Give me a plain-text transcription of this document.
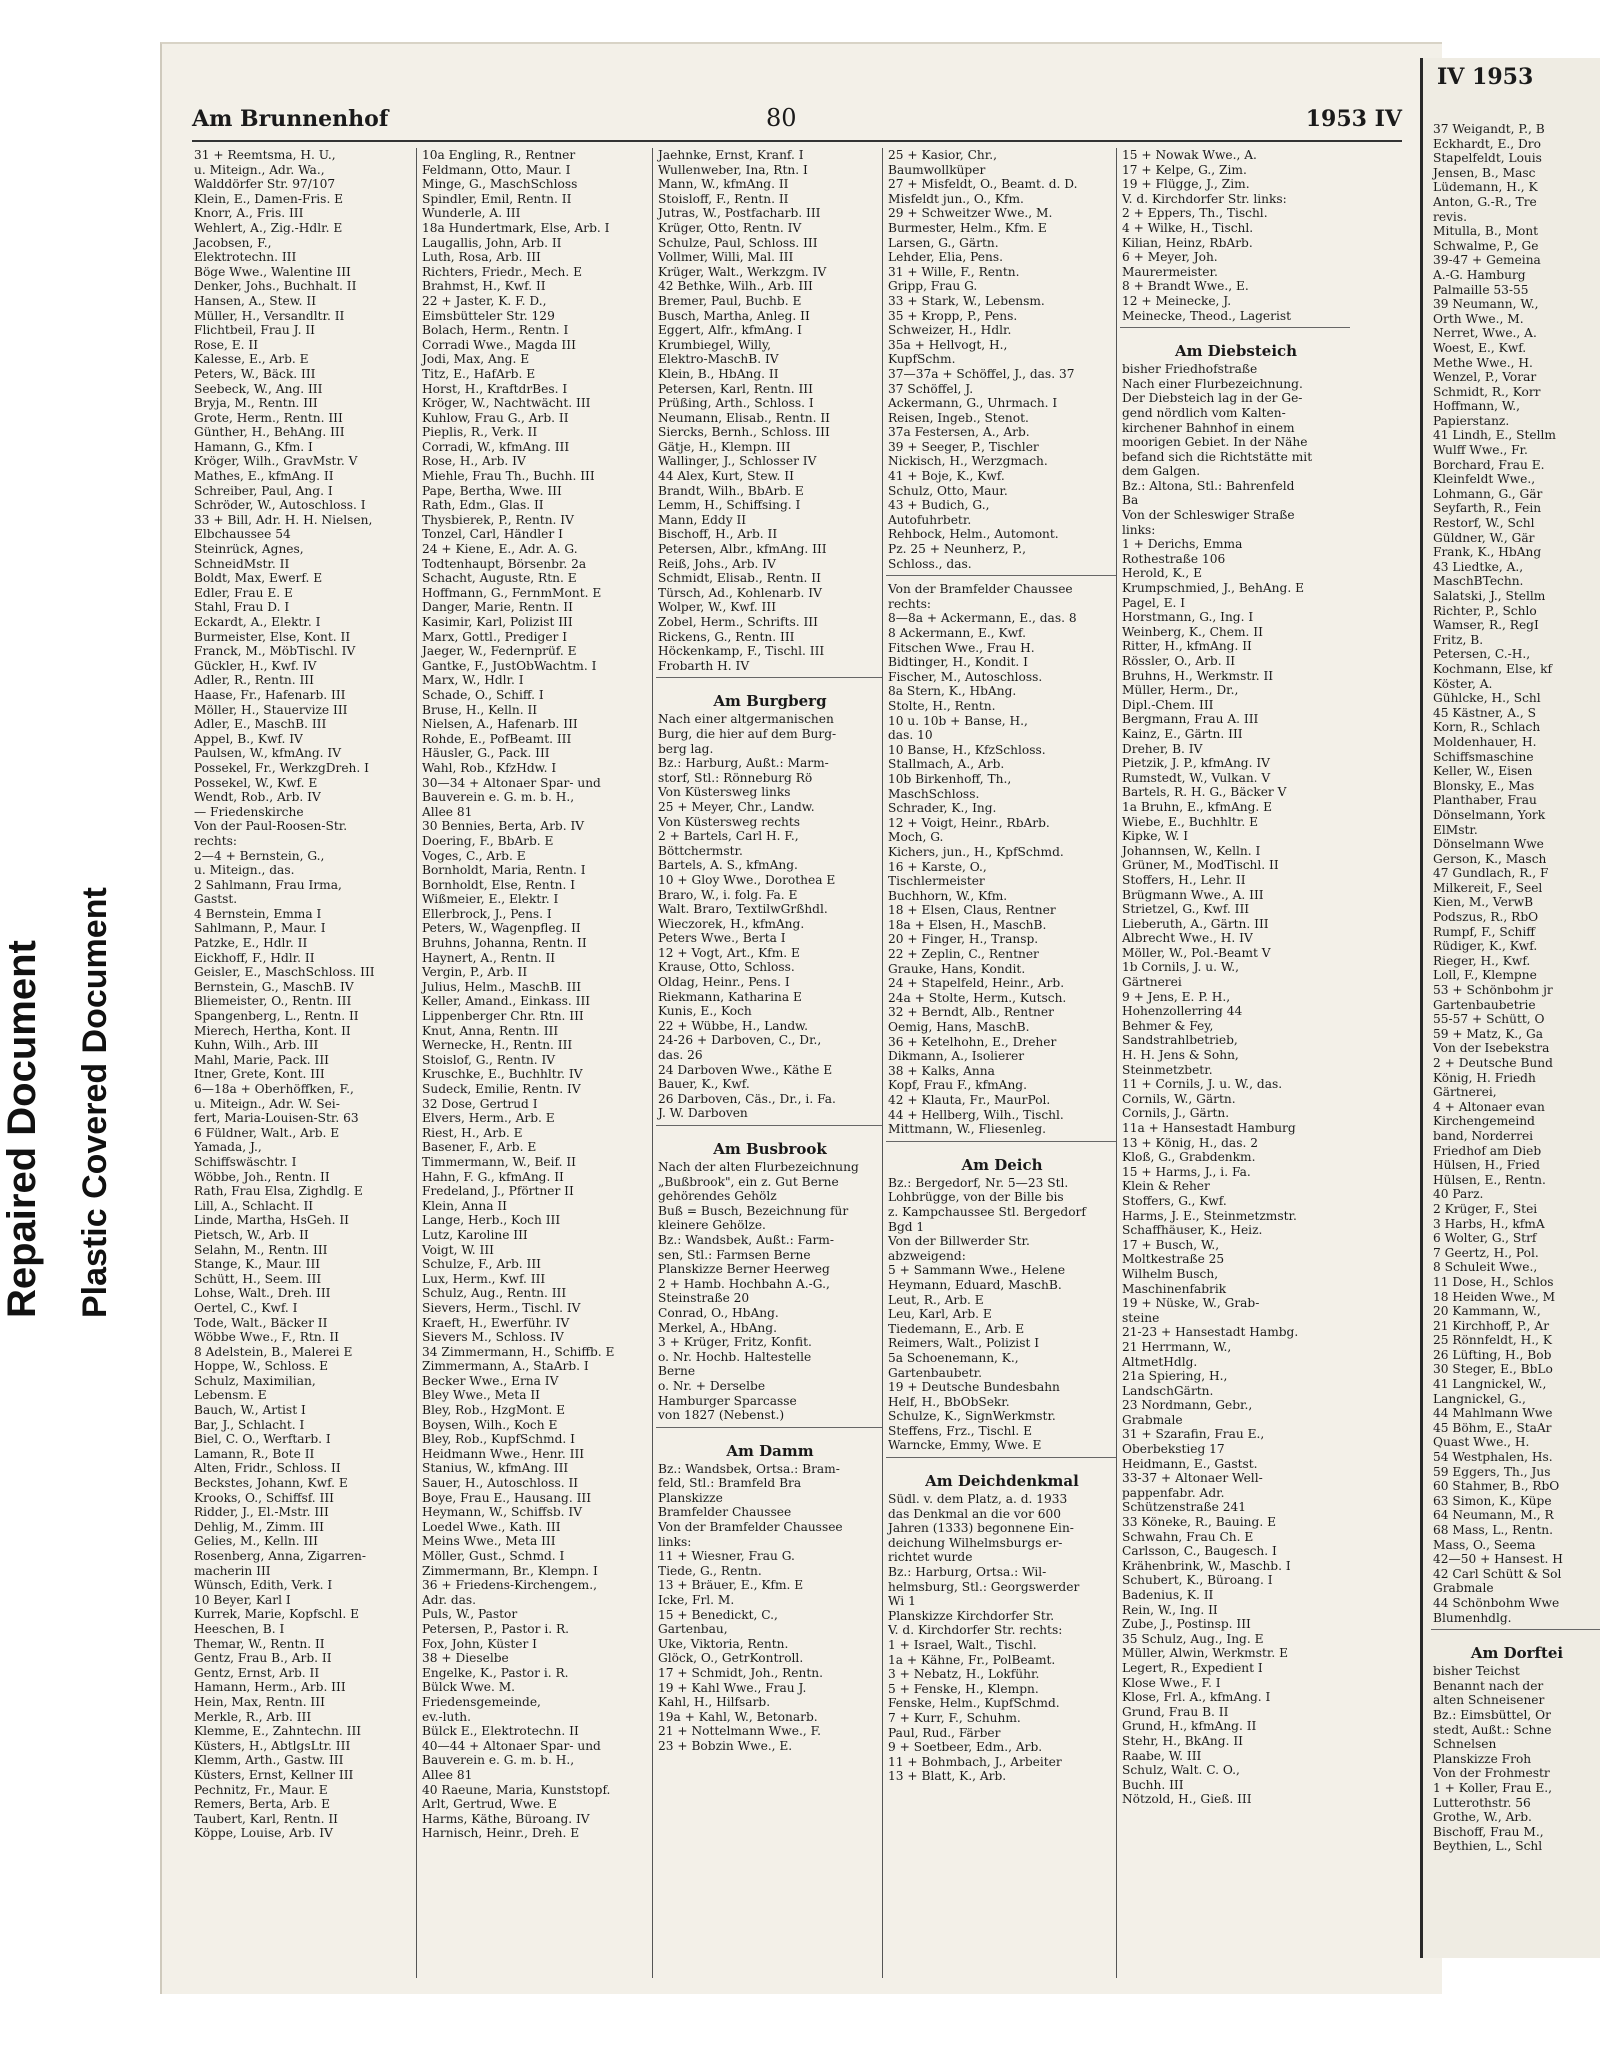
Repaired Document Plastic Covered Document
Am Brunnenhof	80	1953 IV
31 + Reemtsma, H. U.,
u. Miteign., Adr. Wa.,
Walddörfer Str. 97/107
Klein, E., Damen-Fris. E
Knorr, A., Fris. III
Wehlert, A., Zig.-Hdlr. E
Jacobsen, F.,
Elektrotechn. III
Böge Wwe., Walentine III
Denker, Johs., Buchhalt. II
Hansen, A., Stew. II
Müller, H., Versandltr. II
Flichtbeil, Frau J. II
Rose, E. II
Kalesse, E., Arb. E
Peters, W., Bäck. III
Seebeck, W., Ang. III
Bryja, M., Rentn. III
Grote, Herm., Rentn. III
Günther, H., BehAng. III
Hamann, G., Kfm. I
Kröger, Wilh., GravMstr. V
Mathes, E., kfmAng. II
Schreiber, Paul, Ang. I
Schröder, W., Autoschloss. I
33 + Bill, Adr. H. H. Nielsen,
Elbchaussee 54
Steinrück, Agnes,
SchneidMstr. II
Boldt, Max, Ewerf. E
Edler, Frau E. E
Stahl, Frau D. I
Eckardt, A., Elektr. I
Burmeister, Else, Kont. II
Franck, M., MöbTischl. IV
Gückler, H., Kwf. IV
Adler, R., Rentn. III
Haase, Fr., Hafenarb. III
Möller, H., Stauervize III
Adler, E., MaschB. III
Appel, B., Kwf. IV
Paulsen, W., kfmAng. IV
Possekel, Fr., WerkzgDreh. I
Possekel, W., Kwf. E
Wendt, Rob., Arb. IV
— Friedenskirche
Von der Paul-Roosen-Str.
rechts:
2—4 + Bernstein, G.,
u. Miteign., das.
2 Sahlmann, Frau Irma,
Gastst.
4 Bernstein, Emma I
Sahlmann, P., Maur. I
Patzke, E., Hdlr. II
Eickhoff, F., Hdlr. II
Geisler, E., MaschSchloss. III
Bernstein, G., MaschB. IV
Bliemeister, O., Rentn. III
Spangenberg, L., Rentn. II
Mierech, Hertha, Kont. II
Kuhn, Wilh., Arb. III
Mahl, Marie, Pack. III
Itner, Grete, Kont. III
6—18a + Oberhöffken, F.,
u. Miteign., Adr. W. Sei-
fert, Maria-Louisen-Str. 63
6 Füldner, Walt., Arb. E
Yamada, J.,
Schiffswäschtr. I
Wöbbe, Joh., Rentn. II
Rath, Frau Elsa, Zighdlg. E
Lill, A., Schlacht. II
Linde, Martha, HsGeh. II
Pietsch, W., Arb. II
Selahn, M., Rentn. III
Stange, K., Maur. III
Schütt, H., Seem. III
Lohse, Walt., Dreh. III
Oertel, C., Kwf. I
Tode, Walt., Bäcker II
Wöbbe Wwe., F., Rtn. II
8 Adelstein, B., Malerei E
Hoppe, W., Schloss. E
Schulz, Maximilian,
Lebensm. E
Bauch, W., Artist I
Bar, J., Schlacht. I
Biel, C. O., Werftarb. I
Lamann, R., Bote II
Alten, Fridr., Schloss. II
Beckstes, Johann, Kwf. E
Krooks, O., Schiffsf. III
Ridder, J., El.-Mstr. III
Dehlig, M., Zimm. III
Gelies, M., Kelln. III
Rosenberg, Anna, Zigarren-
macherin III
Wünsch, Edith, Verk. I
10 Beyer, Karl I
Kurrek, Marie, Kopfschl. E
Heeschen, B. I
Themar, W., Rentn. II
Gentz, Frau B., Arb. II
Gentz, Ernst, Arb. II
Hamann, Herm., Arb. III
Hein, Max, Rentn. III
Merkle, R., Arb. III
Klemme, E., Zahntechn. III
Küsters, H., AbtlgsLtr. III
Klemm, Arth., Gastw. III
Küsters, Ernst, Kellner III
Pechnitz, Fr., Maur. E
Remers, Berta, Arb. E
Taubert, Karl, Rentn. II
Köppe, Louise, Arb. IV
10a Engling, R., Rentner
Feldmann, Otto, Maur. I
Minge, G., MaschSchloss
Spindler, Emil, Rentn. II
Wunderle, A. III
18a Hundertmark, Else, Arb. I
Laugallis, John, Arb. II
Luth, Rosa, Arb. III
Richters, Friedr., Mech. E
Brahmst, H., Kwf. II
22 + Jaster, K. F. D.,
Eimsbütteler Str. 129
Bolach, Herm., Rentn. I
Corradi Wwe., Magda III
Jodi, Max, Ang. E
Titz, E., HafArb. E
Horst, H., KraftdrBes. I
Kröger, W., Nachtwächt. III
Kuhlow, Frau G., Arb. II
Pieplis, R., Verk. II
Corradi, W., kfmAng. III
Rose, H., Arb. IV
Miehle, Frau Th., Buchh. III
Pape, Bertha, Wwe. III
Rath, Edm., Glas. II
Thysbierek, P., Rentn. IV
Tonzel, Carl, Händler I
24 + Kiene, E., Adr. A. G.
Todtenhaupt, Börsenbr. 2a
Schacht, Auguste, Rtn. E
Hoffmann, G., FernmMont. E
Danger, Marie, Rentn. II
Kasimir, Karl, Polizist III
Marx, Gottl., Prediger I
Jaeger, W., Federnprüf. E
Gantke, F., JustObWachtm. I
Marx, W., Hdlr. I
Schade, O., Schiff. I
Bruse, H., Kelln. II
Nielsen, A., Hafenarb. III
Rohde, E., PofBeamt. III
Häusler, G., Pack. III
Wahl, Rob., KfzHdw. I
30—34 + Altonaer Spar- und
Bauverein e. G. m. b. H.,
Allee 81
30 Bennies, Berta, Arb. IV
Doering, F., BbArb. E
Voges, C., Arb. E
Bornholdt, Maria, Rentn. I
Bornholdt, Else, Rentn. I
Wißmeier, E., Elektr. I
Ellerbrock, J., Pens. I
Peters, W., Wagenpfleg. II
Bruhns, Johanna, Rentn. II
Haynert, A., Rentn. II
Vergin, P., Arb. II
Julius, Helm., MaschB. III
Keller, Amand., Einkass. III
Lippenberger Chr. Rtn. III
Knut, Anna, Rentn. III
Wernecke, H., Rentn. III
Stoislof, G., Rentn. IV
Kruschke, E., Buchhltr. IV
Sudeck, Emilie, Rentn. IV
32 Dose, Gertrud I
Elvers, Herm., Arb. E
Riest, H., Arb. E
Basener, F., Arb. E
Timmermann, W., Beif. II
Hahn, F. G., kfmAng. II
Fredeland, J., Pförtner II
Klein, Anna II
Lange, Herb., Koch III
Lutz, Karoline III
Voigt, W. III
Schulze, F., Arb. III
Lux, Herm., Kwf. III
Schulz, Aug., Rentn. III
Sievers, Herm., Tischl. IV
Kraeft, H., Ewerführ. IV
Sievers M., Schloss. IV
34 Zimmermann, H., Schiffb. E
Zimmermann, A., StaArb. I
Becker Wwe., Erna IV
Bley Wwe., Meta II
Bley, Rob., HzgMont. E
Boysen, Wilh., Koch E
Bley, Rob., KupfSchmd. I
Heidmann Wwe., Henr. III
Stanius, W., kfmAng. III
Sauer, H., Autoschloss. II
Boye, Frau E., Hausang. III
Heymann, W., Schiffsb. IV
Loedel Wwe., Kath. III
Meins Wwe., Meta III
Möller, Gust., Schmd. I
Zimmermann, Br., Klempn. I
36 + Friedens-Kirchengem.,
Adr. das.
Puls, W., Pastor
Petersen, P., Pastor i. R.
Fox, John, Küster I
38 + Dieselbe
Engelke, K., Pastor i. R.
Bülck Wwe. M.
Friedensgemeinde,
ev.-luth.
Bülck E., Elektrotechn. II
40—44 + Altonaer Spar- und
Bauverein e. G. m. b. H.,
Allee 81
40 Raeune, Maria, Kunststopf.
Arlt, Gertrud, Wwe. E
Harms, Käthe, Büroang. IV
Harnisch, Heinr., Dreh. E
Jaehnke, Ernst, Kranf. I
Wullenweber, Ina, Rtn. I
Mann, W., kfmAng. II
Stoisloff, F., Rentn. II
Jutras, W., Postfacharb. III
Krüger, Otto, Rentn. IV
Schulze, Paul, Schloss. III
Vollmer, Willi, Mal. III
Krüger, Walt., Werkzgm. IV
42 Bethke, Wilh., Arb. III
Bremer, Paul, Buchb. E
Busch, Martha, Anleg. II
Eggert, Alfr., kfmAng. I
Krumbiegel, Willy,
Elektro-MaschB. IV
Klein, B., HbAng. II
Petersen, Karl, Rentn. III
Prüßing, Arth., Schloss. I
Neumann, Elisab., Rentn. II
Siercks, Bernh., Schloss. III
Gätje, H., Klempn. III
Wallinger, J., Schlosser IV
44 Alex, Kurt, Stew. II
Brandt, Wilh., BbArb. E
Lemm, H., Schiffsing. I
Mann, Eddy II
Bischoff, H., Arb. II
Petersen, Albr., kfmAng. III
Reiß, Johs., Arb. IV
Schmidt, Elisab., Rentn. II
Türsch, Ad., Kohlenarb. IV
Wolper, W., Kwf. III
Zobel, Herm., Schrifts. III
Rickens, G., Rentn. III
Höckenkamp, F., Tischl. III
Frobarth H. IV
Am Burgberg
Nach einer altgermanischen
Burg, die hier auf dem Burg-
berg lag.
Bz.: Harburg, Außt.: Marm-
storf, Stl.: Rönneburg Rö
Von Küstersweg links
25 + Meyer, Chr., Landw.
Von Küstersweg rechts
2 + Bartels, Carl H. F.,
Böttchermstr.
Bartels, A. S., kfmAng.
10 + Gloy Wwe., Dorothea E
Braro, W., i. folg. Fa. E
Walt. Braro, TextilwGrßhdl.
Wieczorek, H., kfmAng.
Peters Wwe., Berta I
12 + Vogt, Art., Kfm. E
Krause, Otto, Schloss.
Oldag, Heinr., Pens. I
Riekmann, Katharina E
Kunis, E., Koch
22 + Wübbe, H., Landw.
24-26 + Darboven, C., Dr.,
das. 26
24 Darboven Wwe., Käthe E
Bauer, K., Kwf.
26 Darboven, Cäs., Dr., i. Fa.
J. W. Darboven
Am Busbrook
Nach der alten Flurbezeichnung
„Bußbrook", ein z. Gut Berne
gehörendes Gehölz
Buß = Busch, Bezeichnung für
kleinere Gehölze.
Bz.: Wandsbek, Außt.: Farm-
sen, Stl.: Farmsen Berne
Planskizze Berner Heerweg
2 + Hamb. Hochbahn A.-G.,
Steinstraße 20
Conrad, O., HbAng.
Merkel, A., HbAng.
3 + Krüger, Fritz, Konfit.
o. Nr. Hochb. Haltestelle
Berne
o. Nr. + Derselbe
Hamburger Sparcasse
von 1827 (Nebenst.)
Am Damm
Bz.: Wandsbek, Ortsa.: Bram-
feld, Stl.: Bramfeld Bra
Planskizze
Bramfelder Chaussee
Von der Bramfelder Chaussee
links:
11 + Wiesner, Frau G.
Tiede, G., Rentn.
13 + Bräuer, E., Kfm. E
Icke, Frl. M.
15 + Benedickt, C.,
Gartenbau,
Uke, Viktoria, Rentn.
Glöck, O., GetrKontroll.
17 + Schmidt, Joh., Rentn.
19 + Kahl Wwe., Frau J.
Kahl, H., Hilfsarb.
19a + Kahl, W., Betonarb.
21 + Nottelmann Wwe., F.
23 + Bobzin Wwe., E.
25 + Kasior, Chr.,
Baumwollküper
27 + Misfeldt, O., Beamt. d. D.
Misfeldt jun., O., Kfm.
29 + Schweitzer Wwe., M.
Burmester, Helm., Kfm. E
Larsen, G., Gärtn.
Lehder, Elia, Pens.
31 + Wille, F., Rentn.
Gripp, Frau G.
33 + Stark, W., Lebensm.
35 + Kropp, P., Pens.
Schweizer, H., Hdlr.
35a + Hellvogt, H.,
KupfSchm.
37—37a + Schöffel, J., das. 37
37 Schöffel, J.
Ackermann, G., Uhrmach. I
Reisen, Ingeb., Stenot.
37a Festersen, A., Arb.
39 + Seeger, P., Tischler
Nickisch, H., Werzgmach.
41 + Boje, K., Kwf.
Schulz, Otto, Maur.
43 + Budich, G.,
Autofuhrbetr.
Rehbock, Helm., Automont.
Pz. 25 + Neunherz, P.,
Schloss., das.
Von der Bramfelder Chaussee
rechts:
8—8a + Ackermann, E., das. 8
8 Ackermann, E., Kwf.
Fitschen Wwe., Frau H.
Bidtinger, H., Kondit. I
Fischer, M., Autoschloss.
8a Stern, K., HbAng.
Stolte, H., Rentn.
10 u. 10b + Banse, H.,
das. 10
10 Banse, H., KfzSchloss.
Stallmach, A., Arb.
10b Birkenhoff, Th.,
MaschSchloss.
Schrader, K., Ing.
12 + Voigt, Heinr., RbArb.
Moch, G.
Kichers, jun., H., KpfSchmd.
16 + Karste, O.,
Tischlermeister
Buchhorn, W., Kfm.
18 + Elsen, Claus, Rentner
18a + Elsen, H., MaschB.
20 + Finger, H., Transp.
22 + Zeplin, C., Rentner
Grauke, Hans, Kondit.
24 + Stapelfeld, Heinr., Arb.
24a + Stolte, Herm., Kutsch.
32 + Berndt, Alb., Rentner
Oemig, Hans, MaschB.
36 + Ketelhohn, E., Dreher
Dikmann, A., Isolierer
38 + Kalks, Anna
Kopf, Frau F., kfmAng.
42 + Klauta, Fr., MaurPol.
44 + Hellberg, Wilh., Tischl.
Mittmann, W., Fliesenleg.
Am Deich
Bz.: Bergedorf, Nr. 5—23 Stl.
Lohbrügge, von der Bille bis
z. Kampchaussee Stl. Bergedorf
Bgd 1
Von der Billwerder Str.
abzweigend:
5 + Sammann Wwe., Helene
Heymann, Eduard, MaschB.
Leut, R., Arb. E
Leu, Karl, Arb. E
Tiedemann, E., Arb. E
Reimers, Walt., Polizist I
5a Schoenemann, K.,
Gartenbaubetr.
19 + Deutsche Bundesbahn
Helf, H., BbObSekr.
Schulze, K., SignWerkmstr.
Steffens, Frz., Tischl. E
Warncke, Emmy, Wwe. E
Am Deichdenkmal
Südl. v. dem Platz, a. d. 1933
das Denkmal an die vor 600
Jahren (1333) begonnene Ein-
deichung Wilhelmsburgs er-
richtet wurde
Bz.: Harburg, Ortsa.: Wil-
helmsburg, Stl.: Georgswerder
Wi 1
Planskizze Kirchdorfer Str.
V. d. Kirchdorfer Str. rechts:
1 + Israel, Walt., Tischl.
1a + Kähne, Fr., PolBeamt.
3 + Nebatz, H., Lokführ.
5 + Fenske, H., Klempn.
Fenske, Helm., KupfSchmd.
7 + Kurr, F., Schuhm.
Paul, Rud., Färber
9 + Soetbeer, Edm., Arb.
11 + Bohmbach, J., Arbeiter
13 + Blatt, K., Arb.
15 + Nowak Wwe., A.
17 + Kelpe, G., Zim.
19 + Flügge, J., Zim.
V. d. Kirchdorfer Str. links:
2 + Eppers, Th., Tischl.
4 + Wilke, H., Tischl.
Kilian, Heinz, RbArb.
6 + Meyer, Joh.
Maurermeister.
8 + Brandt Wwe., E.
12 + Meinecke, J.
Meinecke, Theod., Lagerist
Am Diebsteich
bisher Friedhofstraße
Nach einer Flurbezeichnung.
Der Diebsteich lag in der Ge-
gend nördlich vom Kalten-
kirchener Bahnhof in einem
moorigen Gebiet. In der Nähe
befand sich die Richtstätte mit
dem Galgen.
Bz.: Altona, Stl.: Bahrenfeld
Ba
Von der Schleswiger Straße
links:
1 + Derichs, Emma
Rothestraße 106
Herold, K., E
Krumpschmied, J., BehAng. E
Pagel, E. I
Horstmann, G., Ing. I
Weinberg, K., Chem. II
Ritter, H., kfmAng. II
Rössler, O., Arb. II
Bruhns, H., Werkmstr. II
Müller, Herm., Dr.,
Dipl.-Chem. III
Bergmann, Frau A. III
Kainz, E., Gärtn. III
Dreher, B. IV
Pietzik, J. P., kfmAng. IV
Rumstedt, W., Vulkan. V
Bartels, R. H. G., Bäcker V
1a Bruhn, E., kfmAng. E
Wiebe, E., Buchhltr. E
Kipke, W. I
Johannsen, W., Kelln. I
Grüner, M., ModTischl. II
Stoffers, H., Lehr. II
Brügmann Wwe., A. III
Strietzel, G., Kwf. III
Lieberuth, A., Gärtn. III
Albrecht Wwe., H. IV
Möller, W., Pol.-Beamt V
1b Cornils, J. u. W.,
Gärtnerei
9 + Jens, E. P. H.,
Hohenzollerring 44
Behmer & Fey,
Sandstrahlbetrieb,
H. H. Jens & Sohn,
Steinmetzbetr.
11 + Cornils, J. u. W., das.
Cornils, W., Gärtn.
Cornils, J., Gärtn.
11a + Hansestadt Hamburg
13 + König, H., das. 2
Kloß, G., Grabdenkm.
15 + Harms, J., i. Fa.
Klein & Reher
Stoffers, G., Kwf.
Harms, J. E., Steinmetzmstr.
Schaffhäuser, K., Heiz.
17 + Busch, W.,
Moltkestraße 25
Wilhelm Busch,
Maschinenfabrik
19 + Nüske, W., Grab-
steine
21-23 + Hansestadt Hambg.
21 Herrmann, W.,
AltmetHdlg.
21a Spiering, H.,
LandschGärtn.
23 Nordmann, Gebr.,
Grabmale
31 + Szarafin, Frau E.,
Oberbekstieg 17
Heidmann, E., Gastst.
33-37 + Altonaer Well-
pappenfabr. Adr.
Schützenstraße 241
33 Köneke, R., Bauing. E
Schwahn, Frau Ch. E
Carlsson, C., Baugesch. I
Krähenbrink, W., Maschb. I
Schubert, K., Büroang. I
Badenius, K. II
Rein, W., Ing. II
Zube, J., Postinsp. III
35 Schulz, Aug., Ing. E
Müller, Alwin, Werkmstr. E
Legert, R., Expedient I
Klose Wwe., F. I
Klose, Frl. A., kfmAng. I
Grund, Frau B. II
Grund, H., kfmAng. II
Stehr, H., BkAng. II
Raabe, W. III
Schulz, Walt. C. O.,
Buchh. III
Nötzold, H., Gieß. III
IV 1953
37 Weigandt, P., B
Eckhardt, E., Dro
Stapelfeldt, Louis
Jensen, B., Masc
Lüdemann, H., K
Anton, G.-R., Tre
revis.
Mitulla, B., Mont
Schwalme, P., Ge
39-47 + Gemeina
A.-G. Hamburg
Palmaille 53-55
39 Neumann, W.,
Orth Wwe., M.
Nerret, Wwe., A.
Woest, E., Kwf.
Methe Wwe., H.
Wenzel, P., Vorar
Schmidt, R., Korr
Hoffmann, W.,
Papierstanz.
41 Lindh, E., Stellm
Wulff Wwe., Fr.
Borchard, Frau E.
Kleinfeldt Wwe.,
Lohmann, G., Gär
Seyfarth, R., Fein
Restorf, W., Schl
Güldner, W., Gär
Frank, K., HbAng
43 Liedtke, A.,
MaschBTechn.
Salatski, J., Stellm
Richter, P., Schlo
Wamser, R., RegI
Fritz, B.
Petersen, C.-H.,
Kochmann, Else, kf
Köster, A.
Gühlcke, H., Schl
45 Kästner, A., S
Korn, R., Schlach
Moldenhauer, H.
Schiffsmaschine
Keller, W., Eisen
Blonsky, E., Mas
Planthaber, Frau
Dönselmann, York
ElMstr.
Dönselmann Wwe
Gerson, K., Masch
47 Gundlach, R., F
Milkereit, F., Seel
Kien, M., VerwB
Podszus, R., RbO
Rumpf, F., Schiff
Rüdiger, K., Kwf.
Rieger, H., Kwf.
Loll, F., Klempne
53 + Schönbohm jr
Gartenbaubetrie
55-57 + Schütt, O
59 + Matz, K., Ga
Von der Isebekstra
2 + Deutsche Bund
König, H. Friedh
Gärtnerei,
4 + Altonaer evan
Kirchengemeind
band, Norderrei
Friedhof am Dieb
Hülsen, H., Fried
Hülsen, E., Rentn.
40 Parz.
2 Krüger, F., Stei
3 Harbs, H., kfmA
6 Wolter, G., Strf
7 Geertz, H., Pol.
8 Schuleit Wwe.,
11 Dose, H., Schlos
18 Heiden Wwe., M
20 Kammann, W.,
21 Kirchhoff, P., Ar
25 Rönnfeldt, H., K
26 Lüfting, H., Bob
30 Steger, E., BbLo
41 Langnickel, W.,
Langnickel, G.,
44 Mahlmann Wwe
45 Böhm, E., StaAr
Quast Wwe., H.
54 Westphalen, Hs.
59 Eggers, Th., Jus
60 Stahmer, B., RbO
63 Simon, K., Küpe
64 Neumann, M., R
68 Mass, L., Rentn.
Mass, O., Seema
42—50 + Hansest. H
42 Carl Schütt & Sol
Grabmale
44 Schönbohm Wwe
Blumenhdlg.
Am Dorftei
bisher Teichst
Benannt nach der
alten Schneisener
Bz.: Eimsbüttel, Or
stedt, Außt.: Schne
Schnelsen
Planskizze Froh
Von der Frohmestr
1 + Koller, Frau E.,
Lutterothstr. 56
Grothe, W., Arb.
Bischoff, Frau M.,
Beythien, L., Schl
